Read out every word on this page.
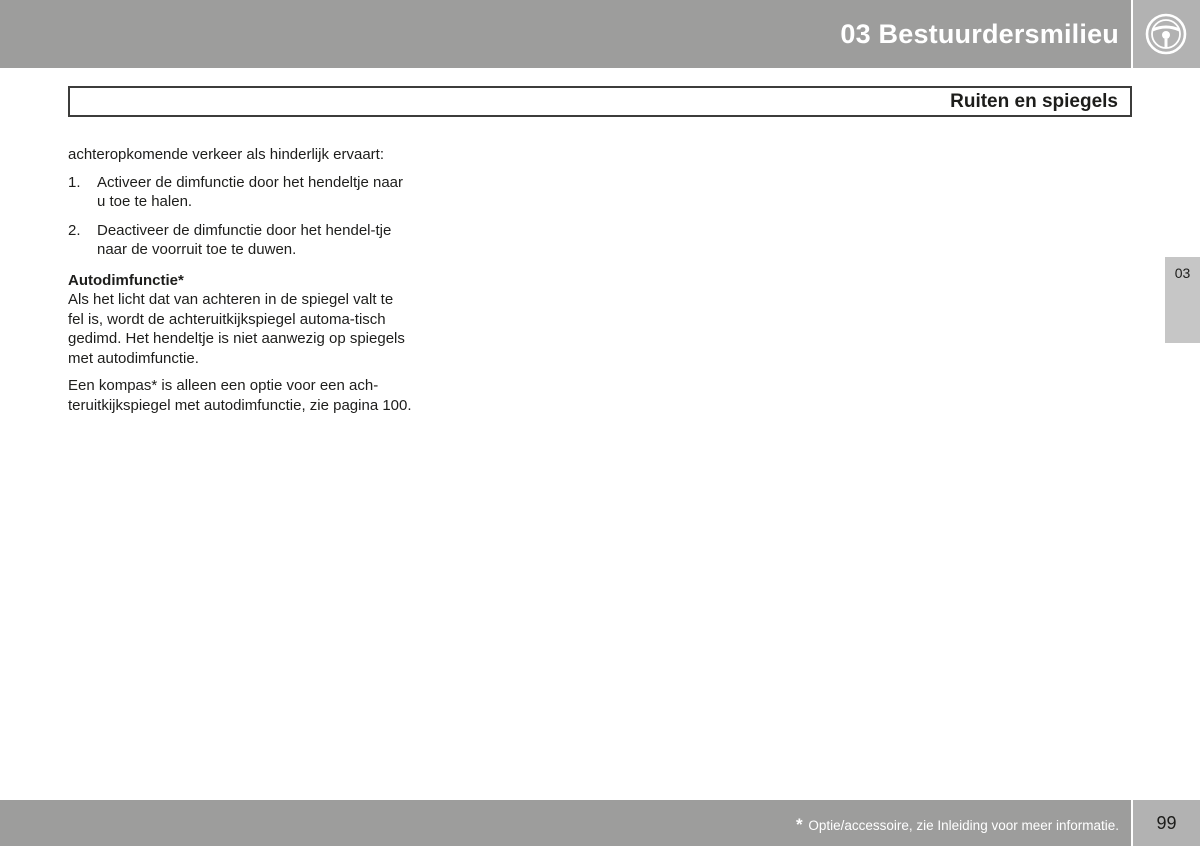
03 Bestuurdersmilieu
Ruiten en spiegels

achteropkomende verkeer als hinderlijk ervaart:

1. Activeer de dimfunctie door het hendeltje naar u toe te halen.
2. Deactiveer de dimfunctie door het hendel-tje naar de voorruit toe te duwen.
Autodimfunctie*

Als het licht dat van achteren in de spiegel valt te fel is, wordt de achteruitkijkspiegel automa-tisch gedimd. Het hendeltje is niet aanwezig op spiegels met autodimfunctie.

Een kompas* is alleen een optie voor een ach-teruitkijkspiegel met autodimfunctie, zie pagina 100.

03
* Optie/accessoire, zie Inleiding voor meer informatie.	99
